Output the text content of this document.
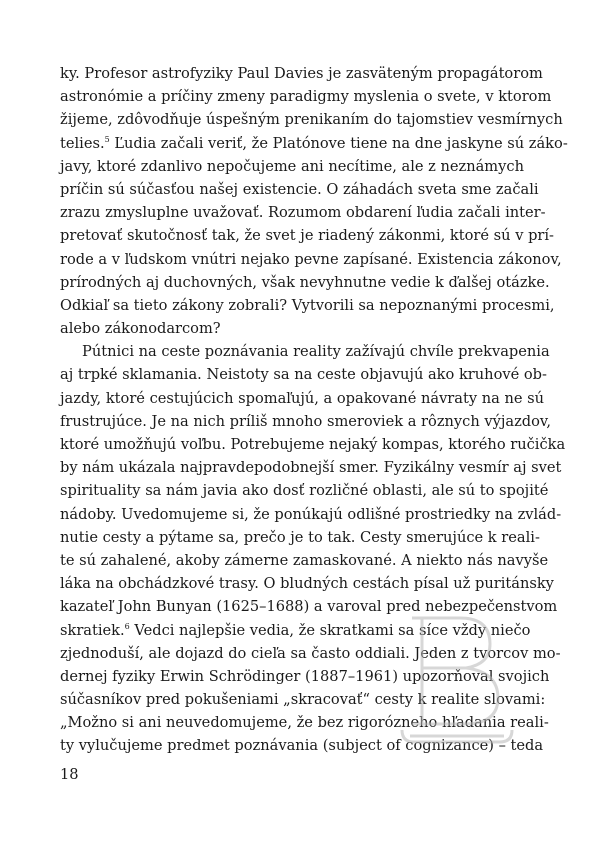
ky. Profesor astrofyziky Paul Davies je zasväteným propagátorom
astronómie a príčiny zmeny paradigmy myslenia o svete, v ktorom
žijeme, zdôvodňuje úspešným prenikaním do tajomstiev vesmírnych
telies.$^5$ Ľudia začali veriť, že Platónove tiene na dne jaskyne sú záko-
javy, ktoré zdanlivo nepočujeme ani necítime, ale z neznámych
príčin sú súčasťou našej existencie. O záhadách sveta sme začali
zrazu zmysluplne uvažovať. Rozumom obdarení ľudia začali inter-
pretovať skutočnosť tak, že svet je riadený zákonmi, ktoré sú v prí-
rode a v ľudskom vnútri nejako pevne zapísané. Existencia zákonov,
prírodných aj duchovných, však nevyhnutne vedie k ďalšej otázke.
Odkiaľ sa tieto zákony zobrali? Vytvorili sa nepoznanými procesmi,
alebo zákonodarcom?
Pútnici na ceste poznávania reality zažívajú chvíle prekvapenia
aj trpké sklamania. Neistoty sa na ceste objavujú ako kruhové ob-
jazdy, ktoré cestujúcich spomaľujú, a opakované návraty na ne sú
frustrujúce. Je na nich príliš mnoho smeroviek a rôznych výjazdov,
ktoré umožňujú voľbu. Potrebujeme nejaký kompas, ktorého ručička
by nám ukázala najpravdepodobnejší smer. Fyzikálny vesmír aj svet
spirituality sa nám javia ako dosť rozličné oblasti, ale sú to spojité
nádoby. Uvedomujeme si, že ponúkajú odlišné prostriedky na zvlád-
nutie cesty a pýtame sa, prečo je to tak. Cesty smerujúce k reali-
te sú zahalené, akoby zámerne zamaskované. A niekto nás navyše
láka na obchádzkové trasy. O bludných cestách písal už puritánsky
kazateľ John Bunyan (1625–1688) a varoval pred nebezpečenstvom
skratiek.$^6$ Vedci najlepšie vedia, že skratkami sa síce vždy niečo
zjednoduší, ale dojazd do cieľa sa často oddiali. Jeden z tvorcov mo-
dernej fyziky Erwin Schrödinger (1887–1961) upozorňoval svojich
súčasníkov pred pokušeniami „skracovať“ cesty k realite slovami:
„Možno si ani neuvedomujeme, že bez rigorózneho hľadania reali-
ty vylučujeme predmet poznávania (subject of cognizance) – teda
18
